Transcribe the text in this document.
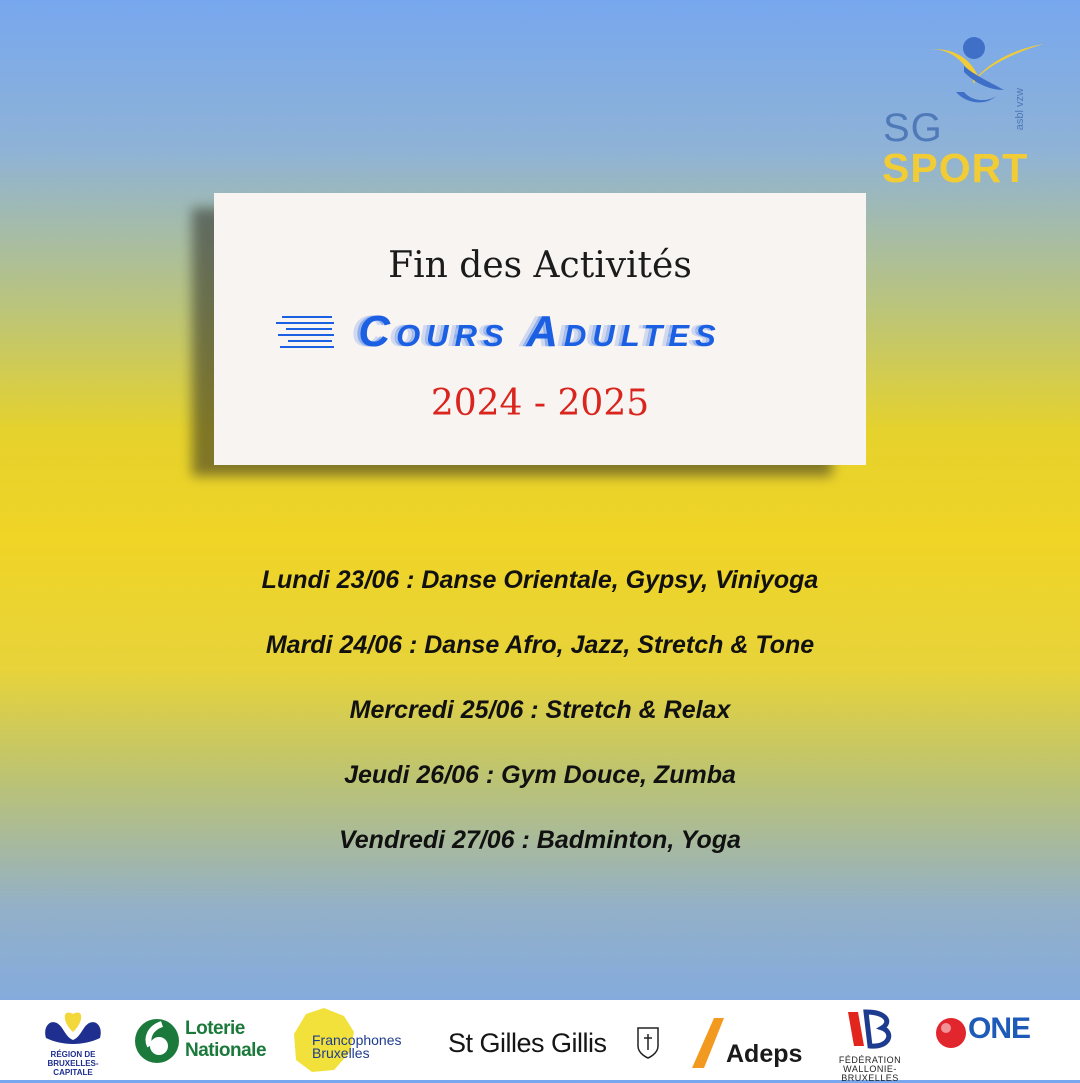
SG	asbl vzw
SPORT
Fin des Activités
Cours Adultes
2024 - 2025
Lundi 23/06 : Danse Orientale, Gypsy, Viniyoga
Mardi 24/06 : Danse Afro, Jazz, Stretch & Tone
Mercredi 25/06 : Stretch & Relax
Jeudi 26/06 : Gym Douce, Zumba
Vendredi 27/06 : Badminton, Yoga
RÉGION DE BRUXELLES-CAPITALE
Loterie Nationale	Francophones Bruxelles	St Gilles Gillis	Adeps	FÉDÉRATION WALLONIE-BRUXELLES
ONE
